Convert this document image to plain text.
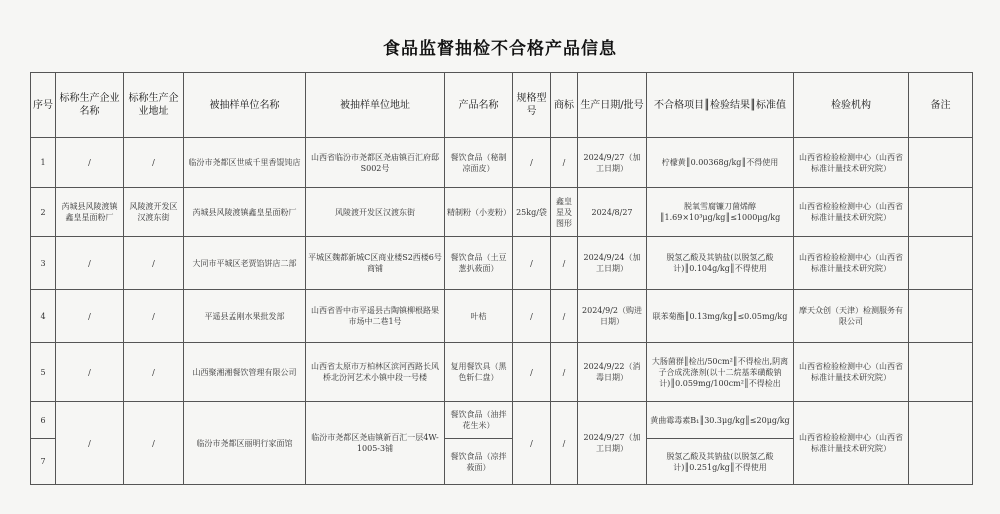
食品监督抽检不合格产品信息
序号	标称生产企业名称	标称生产企业地址	被抽样单位名称	被抽样单位地址	产品名称	规格型号	商标	生产日期/批号	不合格项目║检验结果║标准值	检验机构	备注
1	/	/	临汾市尧都区世威千里香馄饨店	山西省临汾市尧都区尧庙镇百汇府邸S002号	餐饮食品（秘制凉面皮）	/	/	2024/9/27（加工日期）	柠檬黄║0.00368g/kg║不得使用	山西省检验检测中心（山西省标准计量技术研究院）	
2	芮城县风陵渡镇鑫皇星面粉厂	风陵渡开发区汉渡东街	芮城县风陵渡镇鑫皇星面粉厂	风陵渡开发区汉渡东街	精制粉（小麦粉）	25kg/袋	鑫皇星及图形	2024/8/27	脱氧雪腐镰刀菌烯醇║1.69×10³μg/kg║≤1000μg/kg	山西省检验检测中心（山西省标准计量技术研究院）	
3	/	/	大同市平城区老贾馅饼店二部	平城区魏都新城C区商业楼S2西楼6号商铺	餐饮食品（土豆葱扒莜面）	/	/	2024/9/24（加工日期）	脱氢乙酸及其钠盐(以脱氢乙酸计)║0.104g/kg║不得使用	山西省检验检测中心（山西省标准计量技术研究院）	
4	/	/	平遥县孟刚水果批发部	山西省晋中市平遥县古陶镇柳根路果市场中二巷1号	叶桔	/	/	2024/9/2（购进日期）	联苯菊酯║0.13mg/kg║≤0.05mg/kg	摩天众创（天津）检测服务有限公司	
5	/	/	山西聚湘湘餐饮管理有限公司	山西省太原市万柏林区滨河西路长风桥北汾河艺术小镇中段一号楼	复用餐饮具（黑色斩仁盘）	/	/	2024/9/22（消毒日期）	大肠菌群║检出/50cm²║不得检出,阴离子合成洗涤剂(以十二烷基苯磺酸钠计)║0.059mg/100cm²║不得检出	山西省检验检测中心（山西省标准计量技术研究院）	
6	/	/	临汾市尧都区丽明行家面馆	临汾市尧都区尧庙镇新百汇一层4W-1005-3铺	餐饮食品（油拌花生米）	/	/	2024/9/27（加工日期）	黄曲霉毒素B₁║30.3μg/kg║≤20μg/kg	山西省检验检测中心（山西省标准计量技术研究院）	
7					餐饮食品（凉拌莜面）				脱氢乙酸及其钠盐(以脱氢乙酸计)║0.251g/kg║不得使用		
